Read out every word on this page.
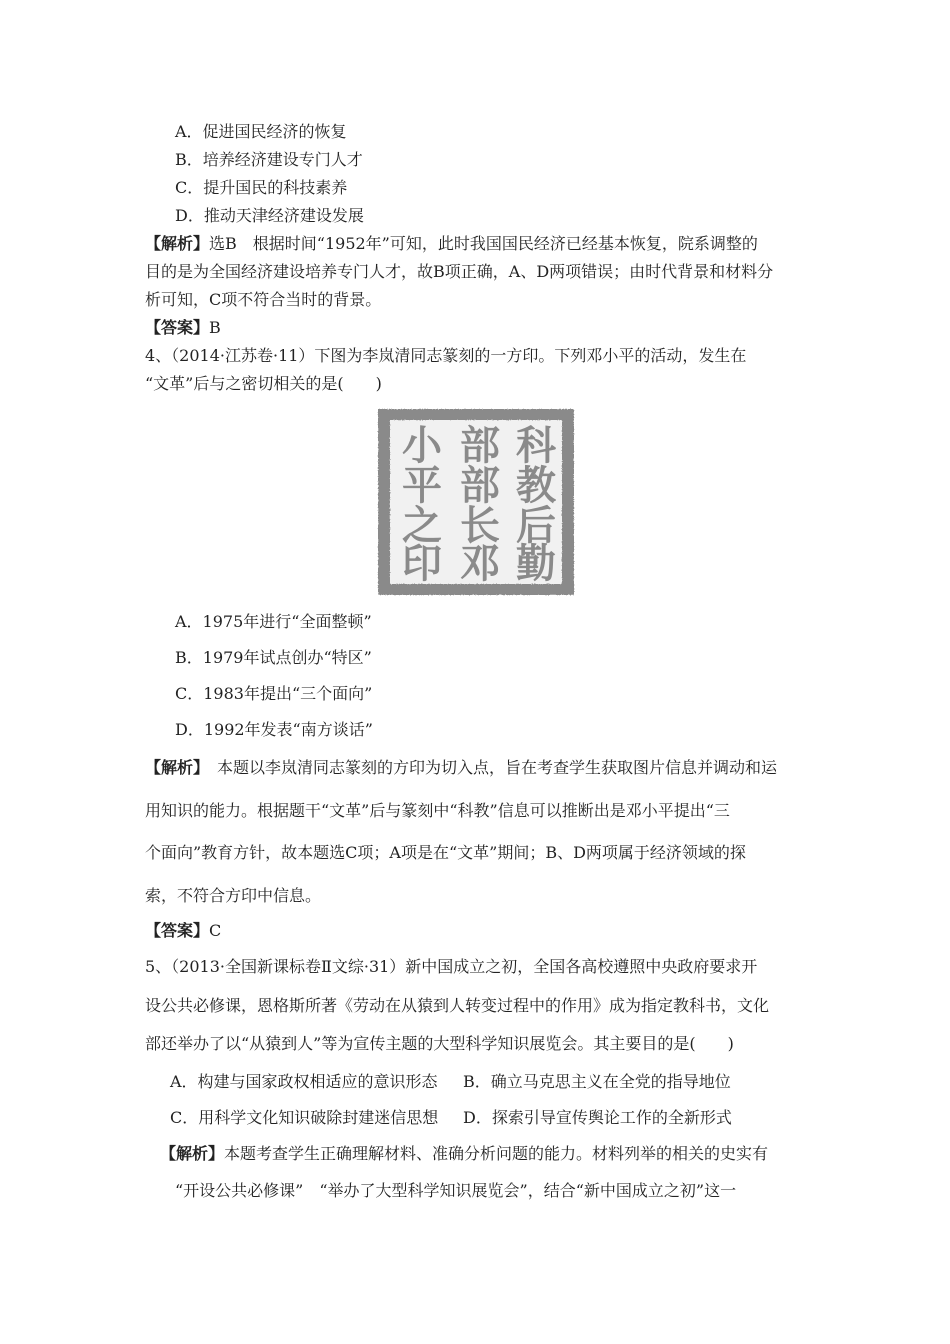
A．促进国民经济的恢复
B．培养经济建设专门人才
C．提升国民的科技素养
D．推动天津经济建设发展
【解析】选B　根据时间“1952年”可知，此时我国国民经济已经基本恢复，院系调整的
目的是为全国经济建设培养专门人才，故B项正确，A、D两项错误；由时代背景和材料分
析可知，C项不符合当时的背景。
【答案】B
4、（2014·江苏卷·11）下图为李岚清同志篆刻的一方印。下列邓小平的活动，发生在
“文革”后与之密切相关的是(　　)
科
教
后
勤
部
部
长
邓
小
平
之
印
A．1975年进行“全面整顿”
B．1979年试点创办“特区”
C．1983年提出“三个面向”
D．1992年发表“南方谈话”
【解析】　本题以李岚清同志篆刻的方印为切入点，旨在考查学生获取图片信息并调动和运
用知识的能力。根据题干“文革”后与篆刻中“科教”信息可以推断出是邓小平提出“三
个面向”教育方针，故本题选C项；A项是在“文革”期间；B、D两项属于经济领域的探
索，不符合方印中信息。
【答案】C
5、（2013·全国新课标卷Ⅱ文综·31）新中国成立之初，全国各高校遵照中央政府要求开
设公共必修课，恩格斯所著《劳动在从猿到人转变过程中的作用》成为指定教科书，文化
部还举办了以“从猿到人”等为宣传主题的大型科学知识展览会。其主要目的是(　　)
A．构建与国家政权相适应的意识形态 B．确立马克思主义在全党的指导地位
C．用科学文化知识破除封建迷信思想 D．探索引导宣传舆论工作的全新形式
【解析】本题考查学生正确理解材料、准确分析问题的能力。材料列举的相关的史实有
“开设公共必修课”　“举办了大型科学知识展览会”，结合“新中国成立之初”这一
